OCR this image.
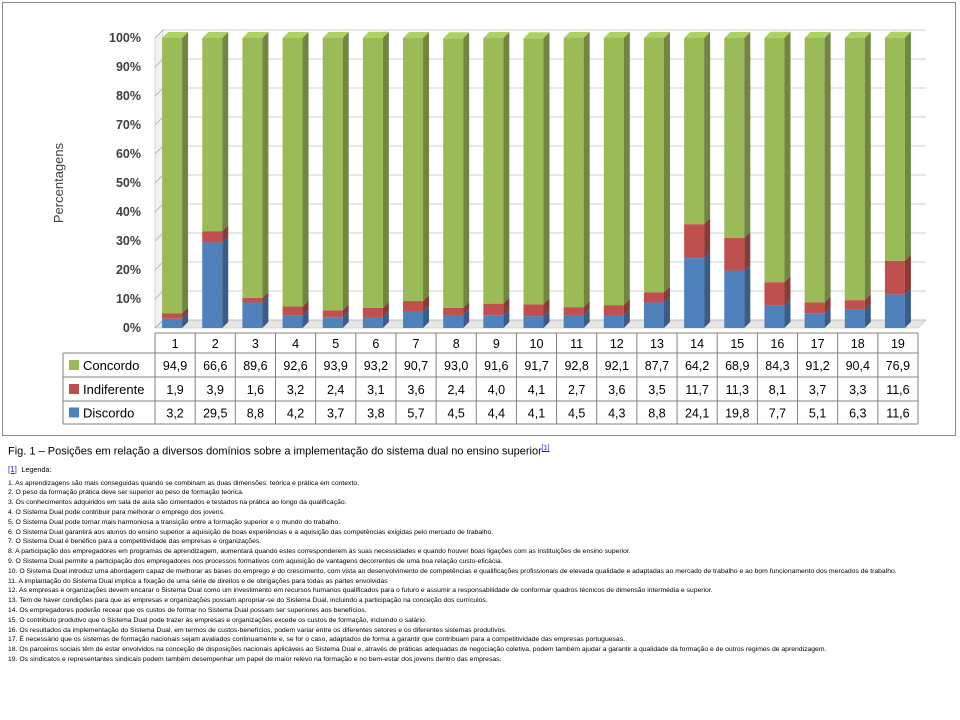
0%
10%
20%
30%
40%
50%
60%
70%
80%
90%
100%
Percentagens
1	2	3	4	5	6	7	8	9 10 11 12 13 14 15 16 17 18 19
Concordo 94,9 66,6 89,6 92,6 93,9 93,2 90,7 93,0 91,6 91,7 92,8 92,1 87,7 64,2 68,9 84,3 91,2 90,4 76,9
Indiferente 1,9 3,9 1,6 3,2 2,4 3,1 3,6 2,4 4,0 4,1 2,7 3,6 3,5 11,7 11,3 8,1 3,7 3,3 11,6
Discordo	3,2 29,5 8,8 4,2 3,7 3,8 5,7 4,5 4,4 4,1 4,5 4,3 8,8 24,1 19,8 7,7 5,1 6,3 11,6
Fig. 1 – Posições em relação a diversos domínios sobre a implementação do sistema dual no ensino superior[1]
[1] Legenda:
1. As aprendizagens são mais conseguidas quando se combinam as duas dimensões: teórica e prática em contexto.
2. O peso da formação prática deve ser superior ao peso de formação teórica.
3. Os conhecimentos adquiridos em sala de aula são cimentados e testados na prática ao longo da qualificação.
4. O Sistema Dual pode contribuir para melhorar o emprego dos jovens.
5. O Sistema Dual pode tornar mais harmoniosa a transição entre a formação superior e o mundo do trabalho.
6. O Sistema Dual garantirá aos alunos do ensino superior a aquisição de boas experiências e a aquisição das competências exigidas pelo mercado de trabalho.
7. O Sistema Dual é benéfico para a competitividade das empresas e organizações.
8. A participação dos empregadores em programas de aprendizagem, aumentará quando estes corresponderem às suas necessidades e quando houver boas ligações com as instituições de ensino superior.
9. O Sistema Dual permite a participação dos empregadores nos processos formativos com aquisição de vantagens decorrentes de uma boa relação custo-eficácia.
10. O Sistema Dual introduz uma abordagem capaz de melhorar as bases do emprego e do crescimento, com vista ao desenvolvimento de competências e qualificações profissionais de elevada qualidade e adaptadas ao mercado de trabalho e ao bom funcionamento dos mercados de trabalho.
11. A implantação do Sistema Dual implica a fixação de uma série de direitos e de obrigações para todas as partes envolvidas
12. As empresas e organizações devem encarar o Sistema Dual como um investimento em recursos humanos qualificados para o futuro e assumir a responsabilidade de conformar quadros técnicos de dimensão intermédia e superior.
13. Tem de haver condições para que as empresas e organizações possam apropriar-se do Sistema Dual, incluindo a participação na conceção dos currículos.
14. Os empregadores poderão recear que os custos de formar no Sistema Dual possam ser superiores aos benefícios.
15. O contributo produtivo que o Sistema Dual pode trazer às empresas e organizações excede os custos de formação, incluindo o salário.
16. Os resultados da implementação do Sistema Dual, em termos de custos-benefícios, podem variar entre os diferentes setores e os diferentes sistemas produtivos.
17. É necessário que os sistemas de formação nacionais sejam avaliados continuamente e, se for o caso, adaptados de forma a garantir que contribuam para a competitividade das empresas portuguesas.
18. Os parceiros sociais têm de estar envolvidos na conceção de disposições nacionais aplicáveis ao Sistema Dual e, através de práticas adequadas de negociação coletiva, podem também ajudar a garantir a qualidade da formação e de outros regimes de aprendizagem.
19. Os sindicatos e representantes sindicais podem também desempenhar um papel de maior relevo na formação e no bem-estar dos jovens dentro das empresas.
